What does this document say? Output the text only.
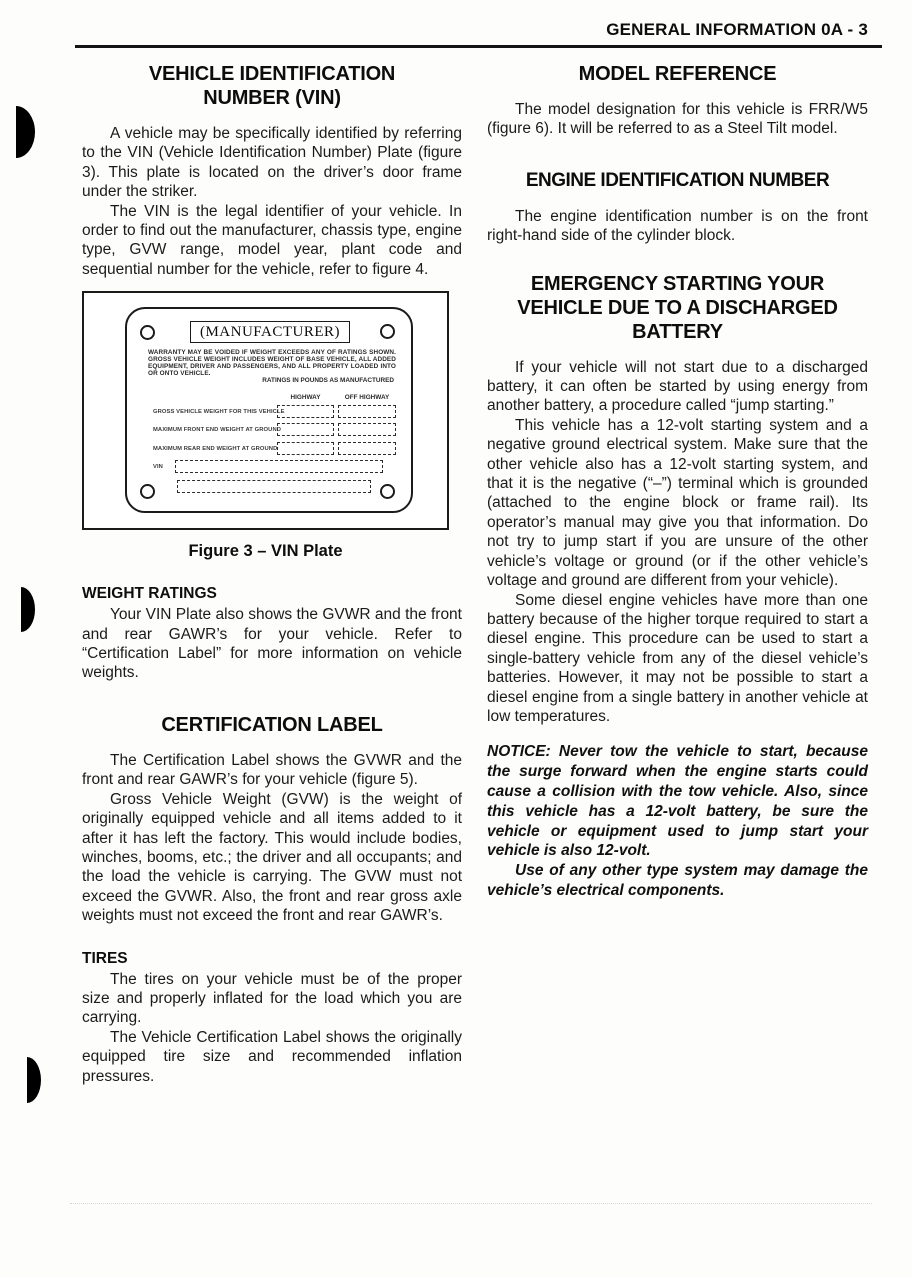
GENERAL INFORMATION 0A - 3
VEHICLE IDENTIFICATION NUMBER (VIN)

A vehicle may be specifically identified by referring to the VIN (Vehicle Identification Number) Plate (figure 3). This plate is located on the driver’s door frame under the striker.

The VIN is the legal identifier of your vehicle. In order to find out the manufacturer, chassis type, engine type, GVW range, model year, plant code and sequential number for the vehicle, refer to figure 4.

(MANUFACTURER)
WARRANTY MAY BE VOIDED IF WEIGHT EXCEEDS ANY OF RATINGS SHOWN. GROSS VEHICLE WEIGHT INCLUDES WEIGHT OF BASE VEHICLE, ALL ADDED EQUIPMENT, DRIVER AND PASSENGERS, AND ALL PROPERTY LOADED INTO OR ONTO VEHICLE.
RATINGS IN POUNDS AS MANUFACTURED
HIGHWAY	OFF HIGHWAY
GROSS VEHICLE WEIGHT FOR THIS VEHICLE
MAXIMUM FRONT END WEIGHT AT GROUND
MAXIMUM REAR END WEIGHT AT GROUND
VIN
Figure 3 – VIN Plate
WEIGHT RATINGS

Your VIN Plate also shows the GVWR and the front and rear GAWR’s for your vehicle. Refer to “Certification Label” for more information on vehicle weights.

CERTIFICATION LABEL

The Certification Label shows the GVWR and the front and rear GAWR’s for your vehicle (figure 5).

Gross Vehicle Weight (GVW) is the weight of originally equipped vehicle and all items added to it after it has left the factory. This would include bodies, winches, booms, etc.; the driver and all occupants; and the load the vehicle is carrying. The GVW must not exceed the GVWR. Also, the front and rear gross axle weights must not exceed the front and rear GAWR’s.

TIRES

The tires on your vehicle must be of the proper size and properly inflated for the load which you are carrying.

The Vehicle Certification Label shows the originally equipped tire size and recommended inflation pressures.

MODEL REFERENCE

The model designation for this vehicle is FRR/W5 (figure 6). It will be referred to as a Steel Tilt model.

ENGINE IDENTIFICATION NUMBER

The engine identification number is on the front right-hand side of the cylinder block.

EMERGENCY STARTING YOUR VEHICLE DUE TO A DISCHARGED BATTERY

If your vehicle will not start due to a discharged battery, it can often be started by using energy from another battery, a procedure called “jump starting.”

This vehicle has a 12-volt starting system and a negative ground electrical system. Make sure that the other vehicle also has a 12-volt starting system, and that it is the negative (“–”) terminal which is grounded (attached to the engine block or frame rail). Its operator’s manual may give you that information. Do not try to jump start if you are unsure of the other vehicle’s voltage or ground (or if the other vehicle’s voltage and ground are different from your vehicle).

Some diesel engine vehicles have more than one battery because of the higher torque required to start a diesel engine. This procedure can be used to start a single-battery vehicle from any of the diesel vehicle’s batteries. However, it may not be possible to start a diesel engine from a single battery in another vehicle at low temperatures.

NOTICE: Never tow the vehicle to start, because the surge forward when the engine starts could cause a collision with the tow vehicle. Also, since this vehicle has a 12-volt battery, be sure the vehicle or equipment used to jump start your vehicle is also 12-volt.

Use of any other type system may damage the vehicle’s electrical components.
